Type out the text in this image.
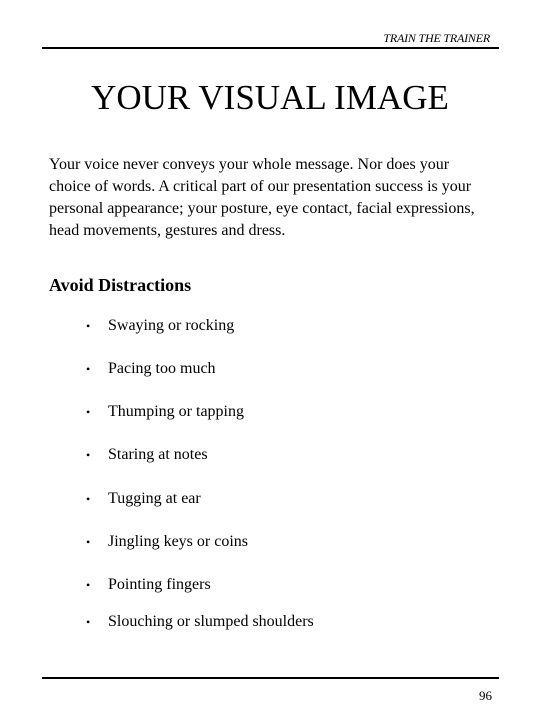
TRAIN THE TRAINER
YOUR VISUAL IMAGE

Your voice never conveys your whole message. Nor does your choice of words. A critical part of our presentation success is your personal appearance; your posture, eye contact, facial expressions, head movements, gestures and dress.

Avoid Distractions
• Swaying or rocking
• Pacing too much
• Thumping or tapping
• Staring at notes
• Tugging at ear
• Jingling keys or coins
• Pointing fingers
• Slouching or slumped shoulders
96
